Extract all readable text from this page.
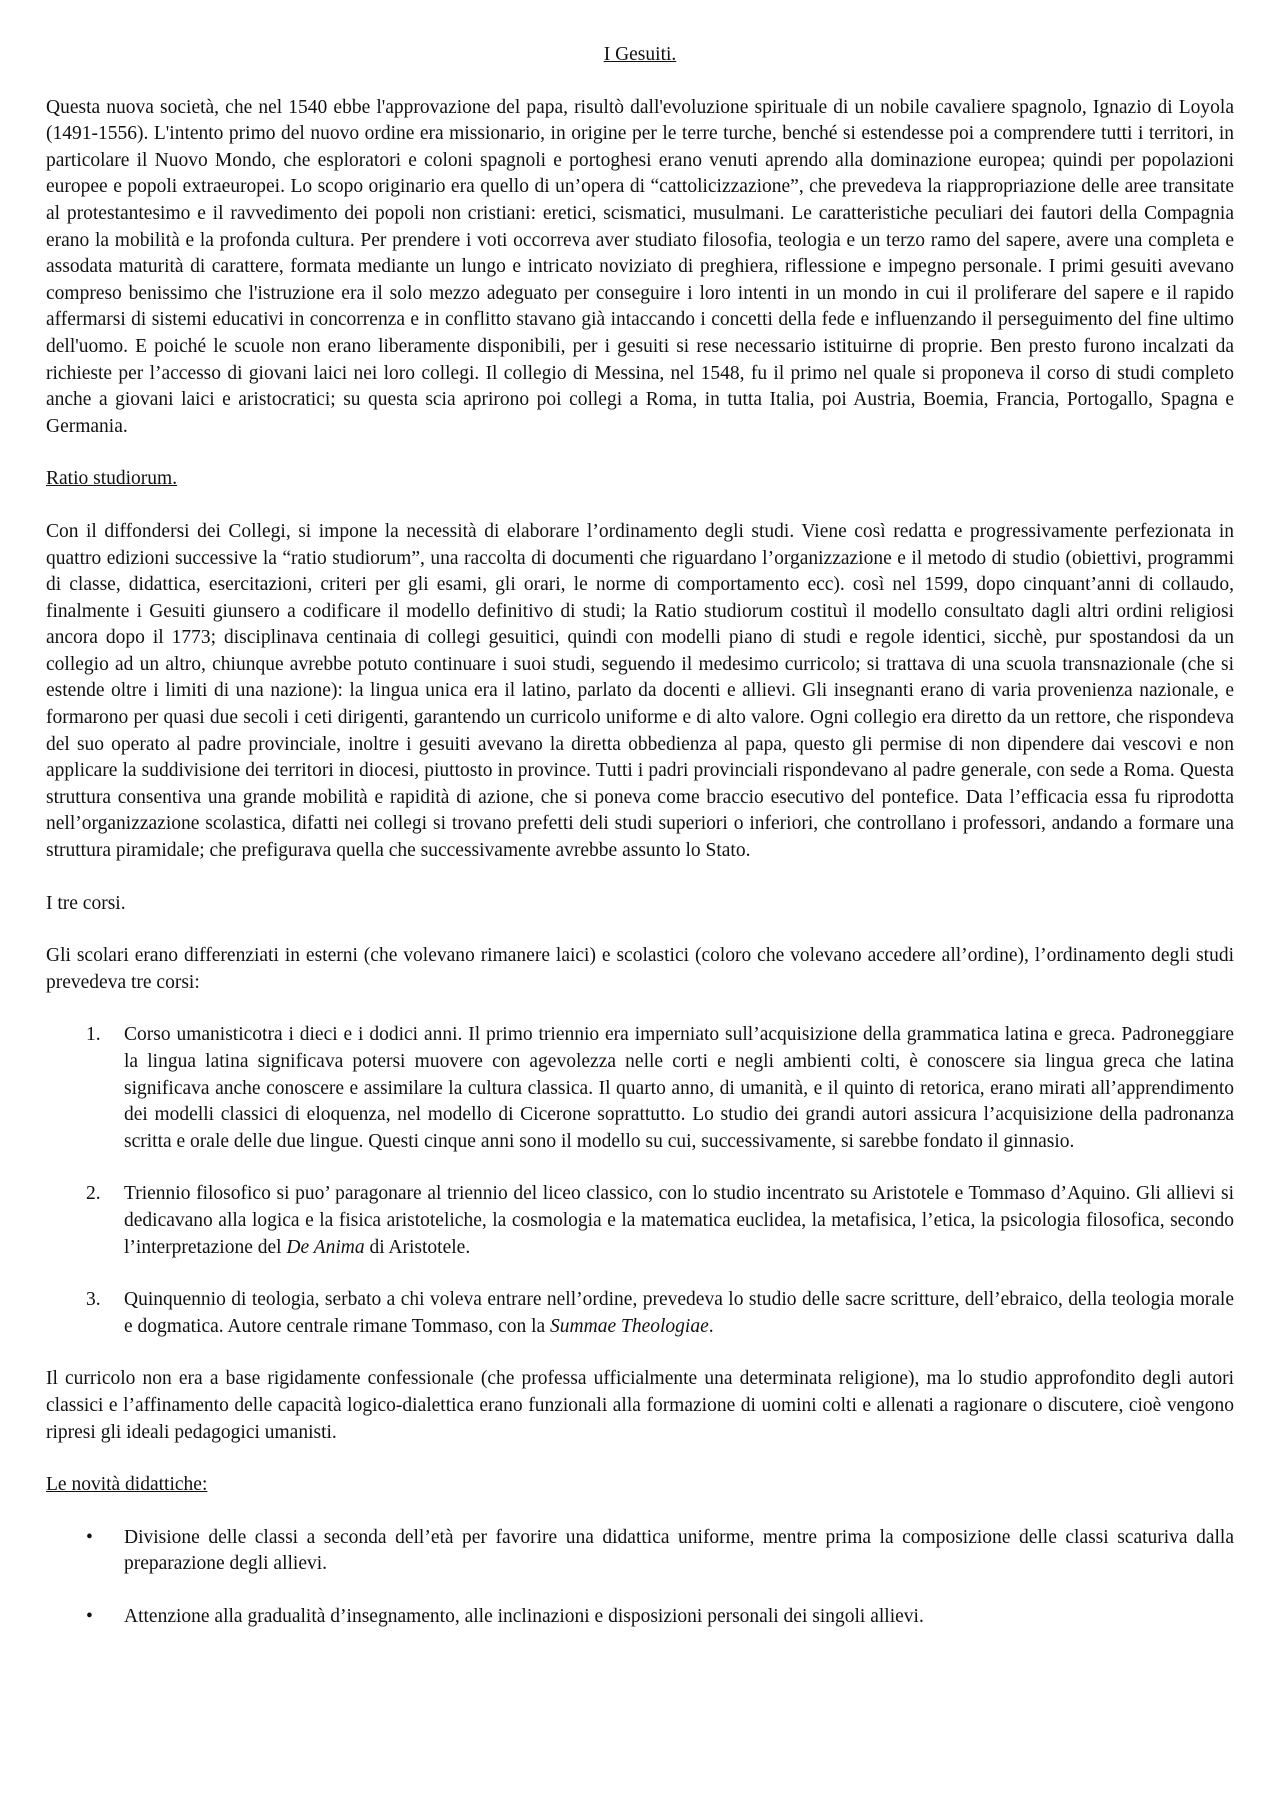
I Gesuiti.

Questa nuova società, che nel 1540 ebbe l'approvazione del papa, risultò dall'evoluzione spirituale di un nobile cavaliere spagnolo, Ignazio di Loyola (1491-1556). L'intento primo del nuovo ordine era missionario, in origine per le terre turche, benché si estendesse poi a comprendere tutti i territori, in particolare il Nuovo Mondo, che esploratori e coloni spagnoli e portoghesi erano venuti aprendo alla dominazione europea; quindi per popolazioni europee e popoli extraeuropei. Lo scopo originario era quello di un’opera di “cattolicizzazione”, che prevedeva la riappropriazione delle aree transitate al protestantesimo e il ravvedimento dei popoli non cristiani: eretici, scismatici, musulmani. Le caratteristiche peculiari dei fautori della Compagnia erano la mobilità e la profonda cultura. Per prendere i voti occorreva aver studiato filosofia, teologia e un terzo ramo del sapere, avere una completa e assodata maturità di carattere, formata mediante un lungo e intricato noviziato di preghiera, riflessione e impegno personale. I primi gesuiti avevano compreso benissimo che l'istruzione era il solo mezzo adeguato per conseguire i loro intenti in un mondo in cui il proliferare del sapere e il rapido affermarsi di sistemi educativi in concorrenza e in conflitto stavano già intaccando i concetti della fede e influenzando il perseguimento del fine ultimo dell'uomo. E poiché le scuole non erano liberamente disponibili, per i gesuiti si rese necessario istituirne di proprie. Ben presto furono incalzati da richieste per l’accesso di giovani laici nei loro collegi. Il collegio di Messina, nel 1548, fu il primo nel quale si proponeva il corso di studi completo anche a giovani laici e aristocratici; su questa scia aprirono poi collegi a Roma, in tutta Italia, poi Austria, Boemia, Francia, Portogallo, Spagna e Germania.

Ratio studiorum.

Con il diffondersi dei Collegi, si impone la necessità di elaborare l’ordinamento degli studi. Viene così redatta e progressivamente perfezionata in quattro edizioni successive la “ratio studiorum”, una raccolta di documenti che riguardano l’organizzazione e il metodo di studio (obiettivi, programmi di classe, didattica, esercitazioni, criteri per gli esami, gli orari, le norme di comportamento ecc). così nel 1599, dopo cinquant’anni di collaudo, finalmente i Gesuiti giunsero a codificare il modello definitivo di studi; la Ratio studiorum costituì il modello consultato dagli altri ordini religiosi ancora dopo il 1773; disciplinava centinaia di collegi gesuitici, quindi con modelli piano di studi e regole identici, sicchè, pur spostandosi da un collegio ad un altro, chiunque avrebbe potuto continuare i suoi studi, seguendo il medesimo curricolo; si trattava di una scuola transnazionale (che si estende oltre i limiti di una nazione): la lingua unica era il latino, parlato da docenti e allievi. Gli insegnanti erano di varia provenienza nazionale, e formarono per quasi due secoli i ceti dirigenti, garantendo un curricolo uniforme e di alto valore. Ogni collegio era diretto da un rettore, che rispondeva del suo operato al padre provinciale, inoltre i gesuiti avevano la diretta obbedienza al papa, questo gli permise di non dipendere dai vescovi e non applicare la suddivisione dei territori in diocesi, piuttosto in province. Tutti i padri provinciali rispondevano al padre generale, con sede a Roma. Questa struttura consentiva una grande mobilità e rapidità di azione, che si poneva come braccio esecutivo del pontefice. Data l’efficacia essa fu riprodotta nell’organizzazione scolastica, difatti nei collegi si trovano prefetti deli studi superiori o inferiori, che controllano i professori, andando a formare una struttura piramidale; che prefigurava quella che successivamente avrebbe assunto lo Stato.

I tre corsi.

Gli scolari erano differenziati in esterni (che volevano rimanere laici) e scolastici (coloro che volevano accedere all’ordine), l’ordinamento degli studi prevedeva tre corsi:

1. Corso umanisticotra i dieci e i dodici anni. Il primo triennio era imperniato sull’acquisizione della grammatica latina e greca. Padroneggiare la lingua latina significava potersi muovere con agevolezza nelle corti e negli ambienti colti, è conoscere sia lingua greca che latina significava anche conoscere e assimilare la cultura classica. Il quarto anno, di umanità, e il quinto di retorica, erano mirati all’apprendimento dei modelli classici di eloquenza, nel modello di Cicerone soprattutto. Lo studio dei grandi autori assicura l’acquisizione della padronanza scritta e orale delle due lingue. Questi cinque anni sono il modello su cui, successivamente, si sarebbe fondato il ginnasio.
2. Triennio filosofico si puo’ paragonare al triennio del liceo classico, con lo studio incentrato su Aristotele e Tommaso d’Aquino. Gli allievi si dedicavano alla logica e la fisica aristoteliche, la cosmologia e la matematica euclidea, la metafisica, l’etica, la psicologia filosofica, secondo l’interpretazione del De Anima di Aristotele.
3. Quinquennio di teologia, serbato a chi voleva entrare nell’ordine, prevedeva lo studio delle sacre scritture, dell’ebraico, della teologia morale e dogmatica. Autore centrale rimane Tommaso, con la Summae Theologiae.

Il curricolo non era a base rigidamente confessionale (che professa ufficialmente una determinata religione), ma lo studio approfondito degli autori classici e l’affinamento delle capacità logico-dialettica erano funzionali alla formazione di uomini colti e allenati a ragionare o discutere, cioè vengono ripresi gli ideali pedagogici umanisti.

Le novità didattiche:
• Divisione delle classi a seconda dell’età per favorire una didattica uniforme, mentre prima la composizione delle classi scaturiva dalla preparazione degli allievi.
• Attenzione alla gradualità d’insegnamento, alle inclinazioni e disposizioni personali dei singoli allievi.
